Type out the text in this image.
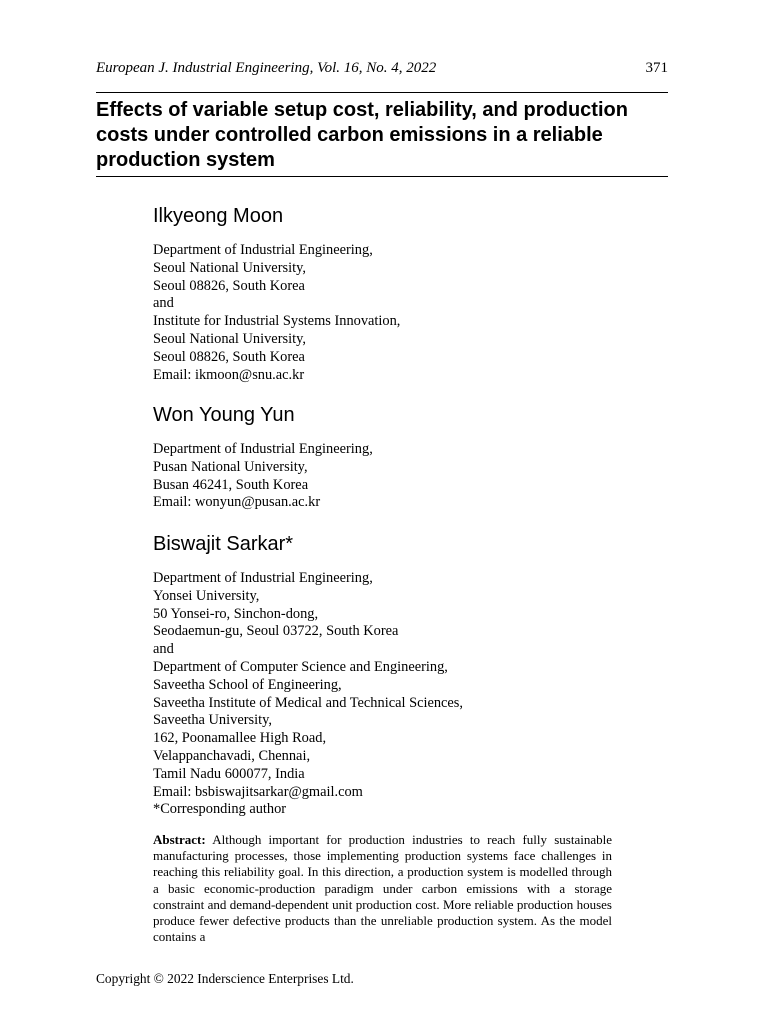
European J. Industrial Engineering, Vol. 16, No. 4, 2022	371
Effects of variable setup cost, reliability, and production costs under controlled carbon emissions in a reliable production system

Ilkyeong Moon

Department of Industrial Engineering,
Seoul National University,
Seoul 08826, South Korea
and
Institute for Industrial Systems Innovation,
Seoul National University,
Seoul 08826, South Korea
Email: ikmoon@snu.ac.kr

Won Young Yun

Department of Industrial Engineering,
Pusan National University,
Busan 46241, South Korea
Email: wonyun@pusan.ac.kr

Biswajit Sarkar*

Department of Industrial Engineering,
Yonsei University,
50 Yonsei-ro, Sinchon-dong,
Seodaemun-gu, Seoul 03722, South Korea
and
Department of Computer Science and Engineering,
Saveetha School of Engineering,
Saveetha Institute of Medical and Technical Sciences,
Saveetha University,
162, Poonamallee High Road,
Velappanchavadi, Chennai,
Tamil Nadu 600077, India
Email: bsbiswajitsarkar@gmail.com
*Corresponding author

Abstract: Although important for production industries to reach fully sustainable manufacturing processes, those implementing production systems face challenges in reaching this reliability goal. In this direction, a production system is modelled through a basic economic-production paradigm under carbon emissions with a storage constraint and demand-dependent unit production cost. More reliable production houses produce fewer defective products than the unreliable production system. As the model contains a

Copyright © 2022 Inderscience Enterprises Ltd.
